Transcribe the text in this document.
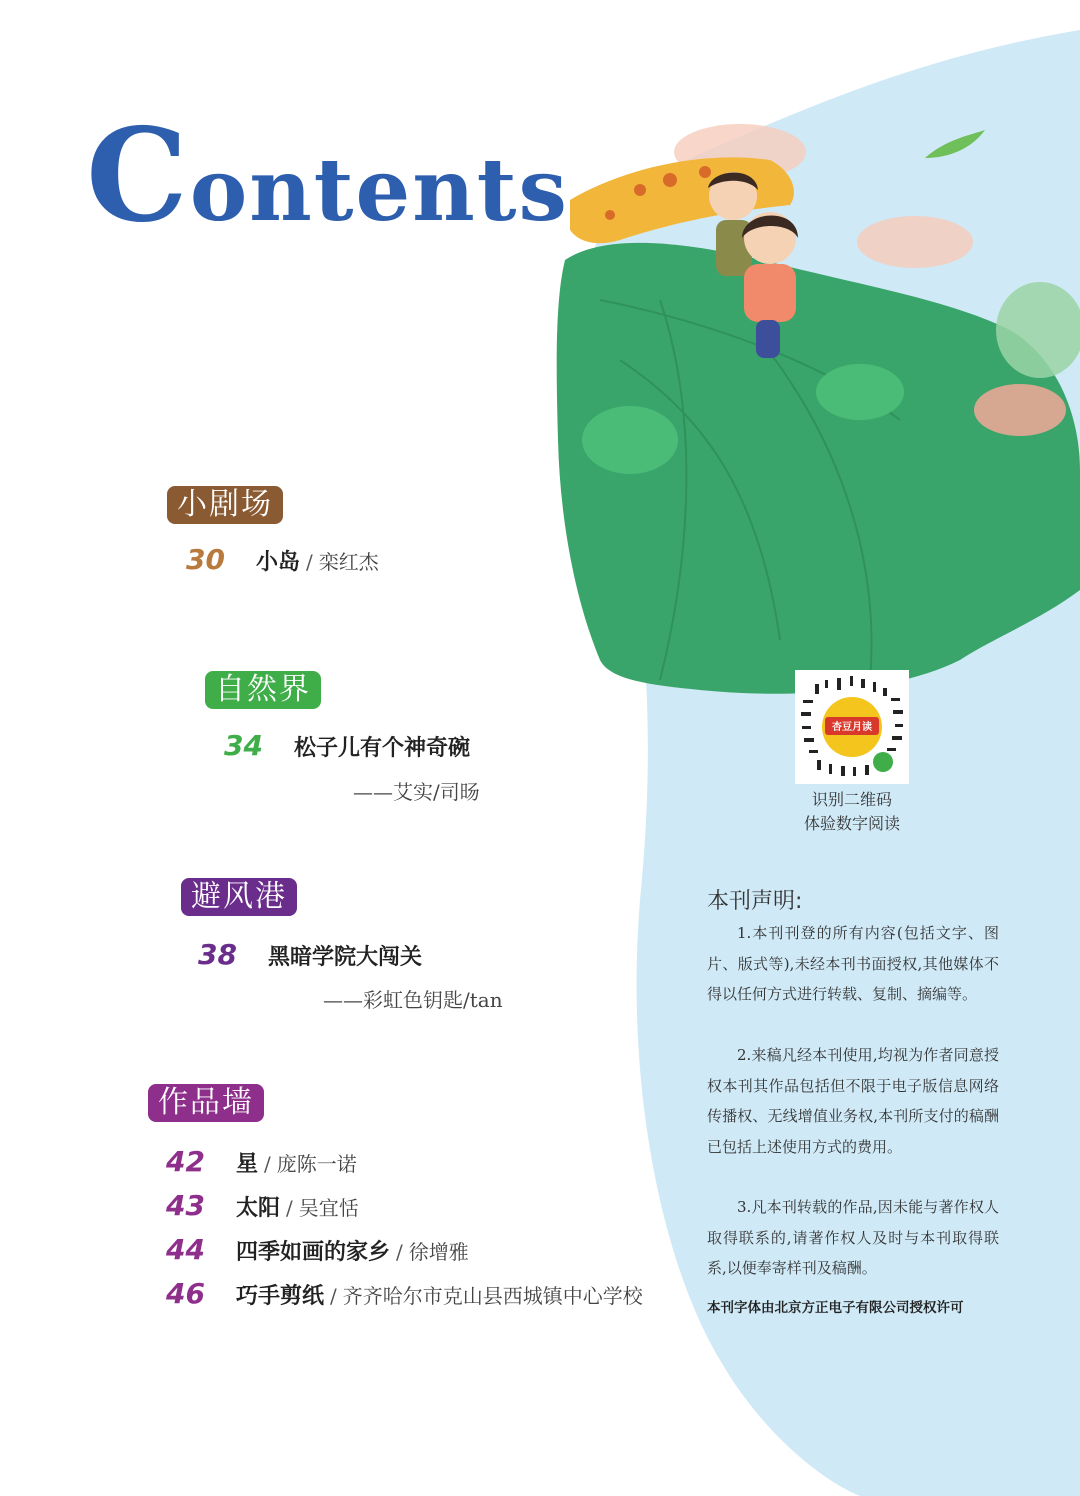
Contents
小剧场
30 小岛 / 栾红杰
自然界
34 松子儿有个神奇碗
——艾实/司旸
避风港
38 黑暗学院大闯关
——彩虹色钥匙/tan
作品墙
42 星 / 庞陈一诺
43 太阳 / 吴宜恬
44 四季如画的家乡 / 徐增雅
46 巧手剪纸 / 齐齐哈尔市克山县西城镇中心学校
杏豆月读
识别二维码
体验数字阅读
本刊声明:
1.本刊刊登的所有内容(包括文字、图片、版式等),未经本刊书面授权,其他媒体不得以任何方式进行转载、复制、摘编等。
2.来稿凡经本刊使用,均视为作者同意授权本刊其作品包括但不限于电子版信息网络传播权、无线增值业务权,本刊所支付的稿酬已包括上述使用方式的费用。
3.凡本刊转载的作品,因未能与著作权人取得联系的,请著作权人及时与本刊取得联系,以便奉寄样刊及稿酬。
本刊字体由北京方正电子有限公司授权许可
